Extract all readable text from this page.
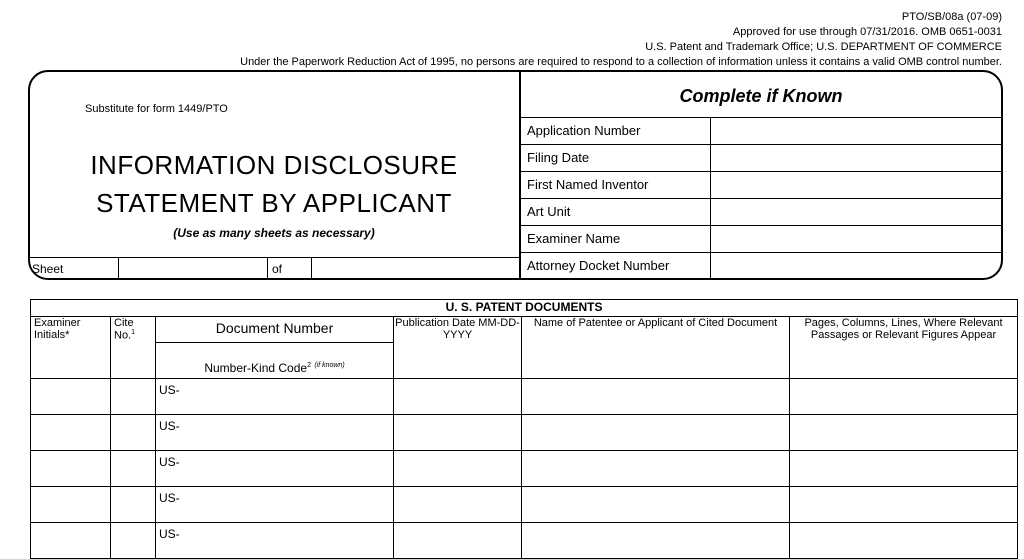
PTO/SB/08a (07-09)
Approved for use through 07/31/2016. OMB 0651-0031
U.S. Patent and Trademark Office; U.S. DEPARTMENT OF COMMERCE
Under the Paperwork Reduction Act of 1995, no persons are required to respond to a collection of information unless it contains a valid OMB control number.
Substitute for form 1449/PTO
INFORMATION DISCLOSURE
STATEMENT BY APPLICANT
(Use as many sheets as necessary)
Sheet	of
Complete if Known
Application Number
Filing Date
First Named Inventor
Art Unit
Examiner Name
Attorney Docket Number
U. S. PATENT DOCUMENTS					
Examiner Initials*	Cite No.$^1$	Document Number	Publication Date MM-DD-YYYY	Name of Patentee or Applicant of Cited Document	Pages, Columns, Lines, Where Relevant Passages or Relevant Figures Appear
		Number-Kind Code$^2$ $^{(if known)}$
		US-			
		US-			
		US-			
		US-			
		US-			
